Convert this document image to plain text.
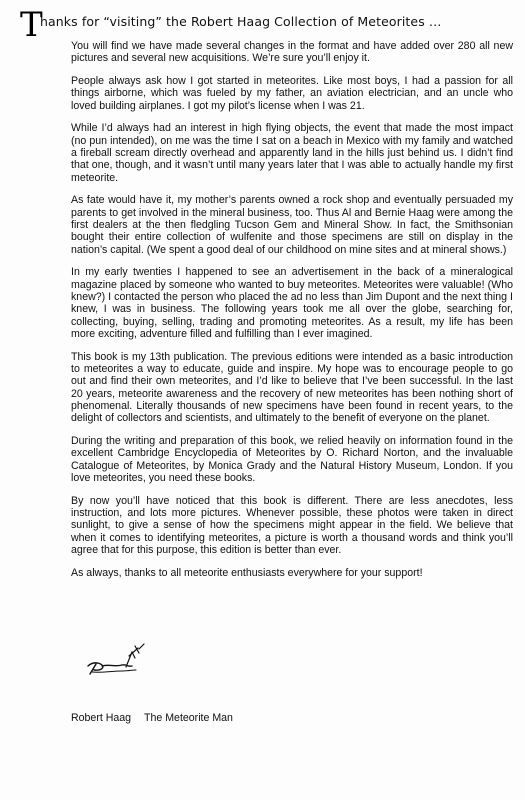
T
hanks for “visiting” the Robert Haag Collection of Meteorites …

You will find we have made several changes in the format and have added over 280 all new pictures and several new acquisitions. We’re sure you’ll enjoy it.

People always ask how I got started in meteorites. Like most boys, I had a passion for all things airborne, which was fueled by my father, an aviation electrician, and an uncle who loved building airplanes. I got my pilot’s license when I was 21.

While I’d always had an interest in high flying objects, the event that made the most impact (no pun intended), on me was the time I sat on a beach in Mexico with my family and watched a fireball scream directly overhead and apparently land in the hills just behind us. I didn’t find that one, though, and it wasn’t until many years later that I was able to actually handle my first meteorite.

As fate would have it, my mother’s parents owned a rock shop and eventually persuaded my parents to get involved in the mineral business, too. Thus Al and Bernie Haag were among the first dealers at the then fledgling Tucson Gem and Mineral Show. In fact, the Smithsonian bought their entire collection of wulfenite and those specimens are still on display in the nation’s capital. (We spent a good deal of our childhood on mine sites and at mineral shows.)

In my early twenties I happened to see an advertisement in the back of a mineralogical magazine placed by someone who wanted to buy meteorites. Meteorites were valuable! (Who knew?) I contacted the person who placed the ad no less than Jim Dupont and the next thing I knew, I was in business. The following years took me all over the globe, searching for, collecting, buying, selling, trading and promoting meteorites. As a result, my life has been more exciting, adventure filled and fulfilling than I ever imagined.

This book is my 13th publication. The previous editions were intended as a basic introduction to meteorites a way to educate, guide and inspire. My hope was to encourage people to go out and find their own meteorites, and I’d like to believe that I’ve been successful. In the last 20 years, meteorite awareness and the recovery of new meteorites has been nothing short of phenomenal. Literally thousands of new specimens have been found in recent years, to the delight of collectors and scientists, and ultimately to the benefit of everyone on the planet.

During the writing and preparation of this book, we relied heavily on information found in the excellent Cambridge Encyclopedia of Meteorites by O. Richard Norton, and the invaluable Catalogue of Meteorites, by Monica Grady and the Natural History Museum, London. If you love meteorites, you need these books.

By now you’ll have noticed that this book is different. There are less anecdotes, less instruction, and lots more pictures. Whenever possible, these photos were taken in direct sunlight, to give a sense of how the specimens might appear in the field. We believe that when it comes to identifying meteorites, a picture is worth a thousand words and think you’ll agree that for this purpose, this edition is better than ever.

As always, thanks to all meteorite enthusiasts everywhere for your support!

Robert Haag The Meteorite Man
